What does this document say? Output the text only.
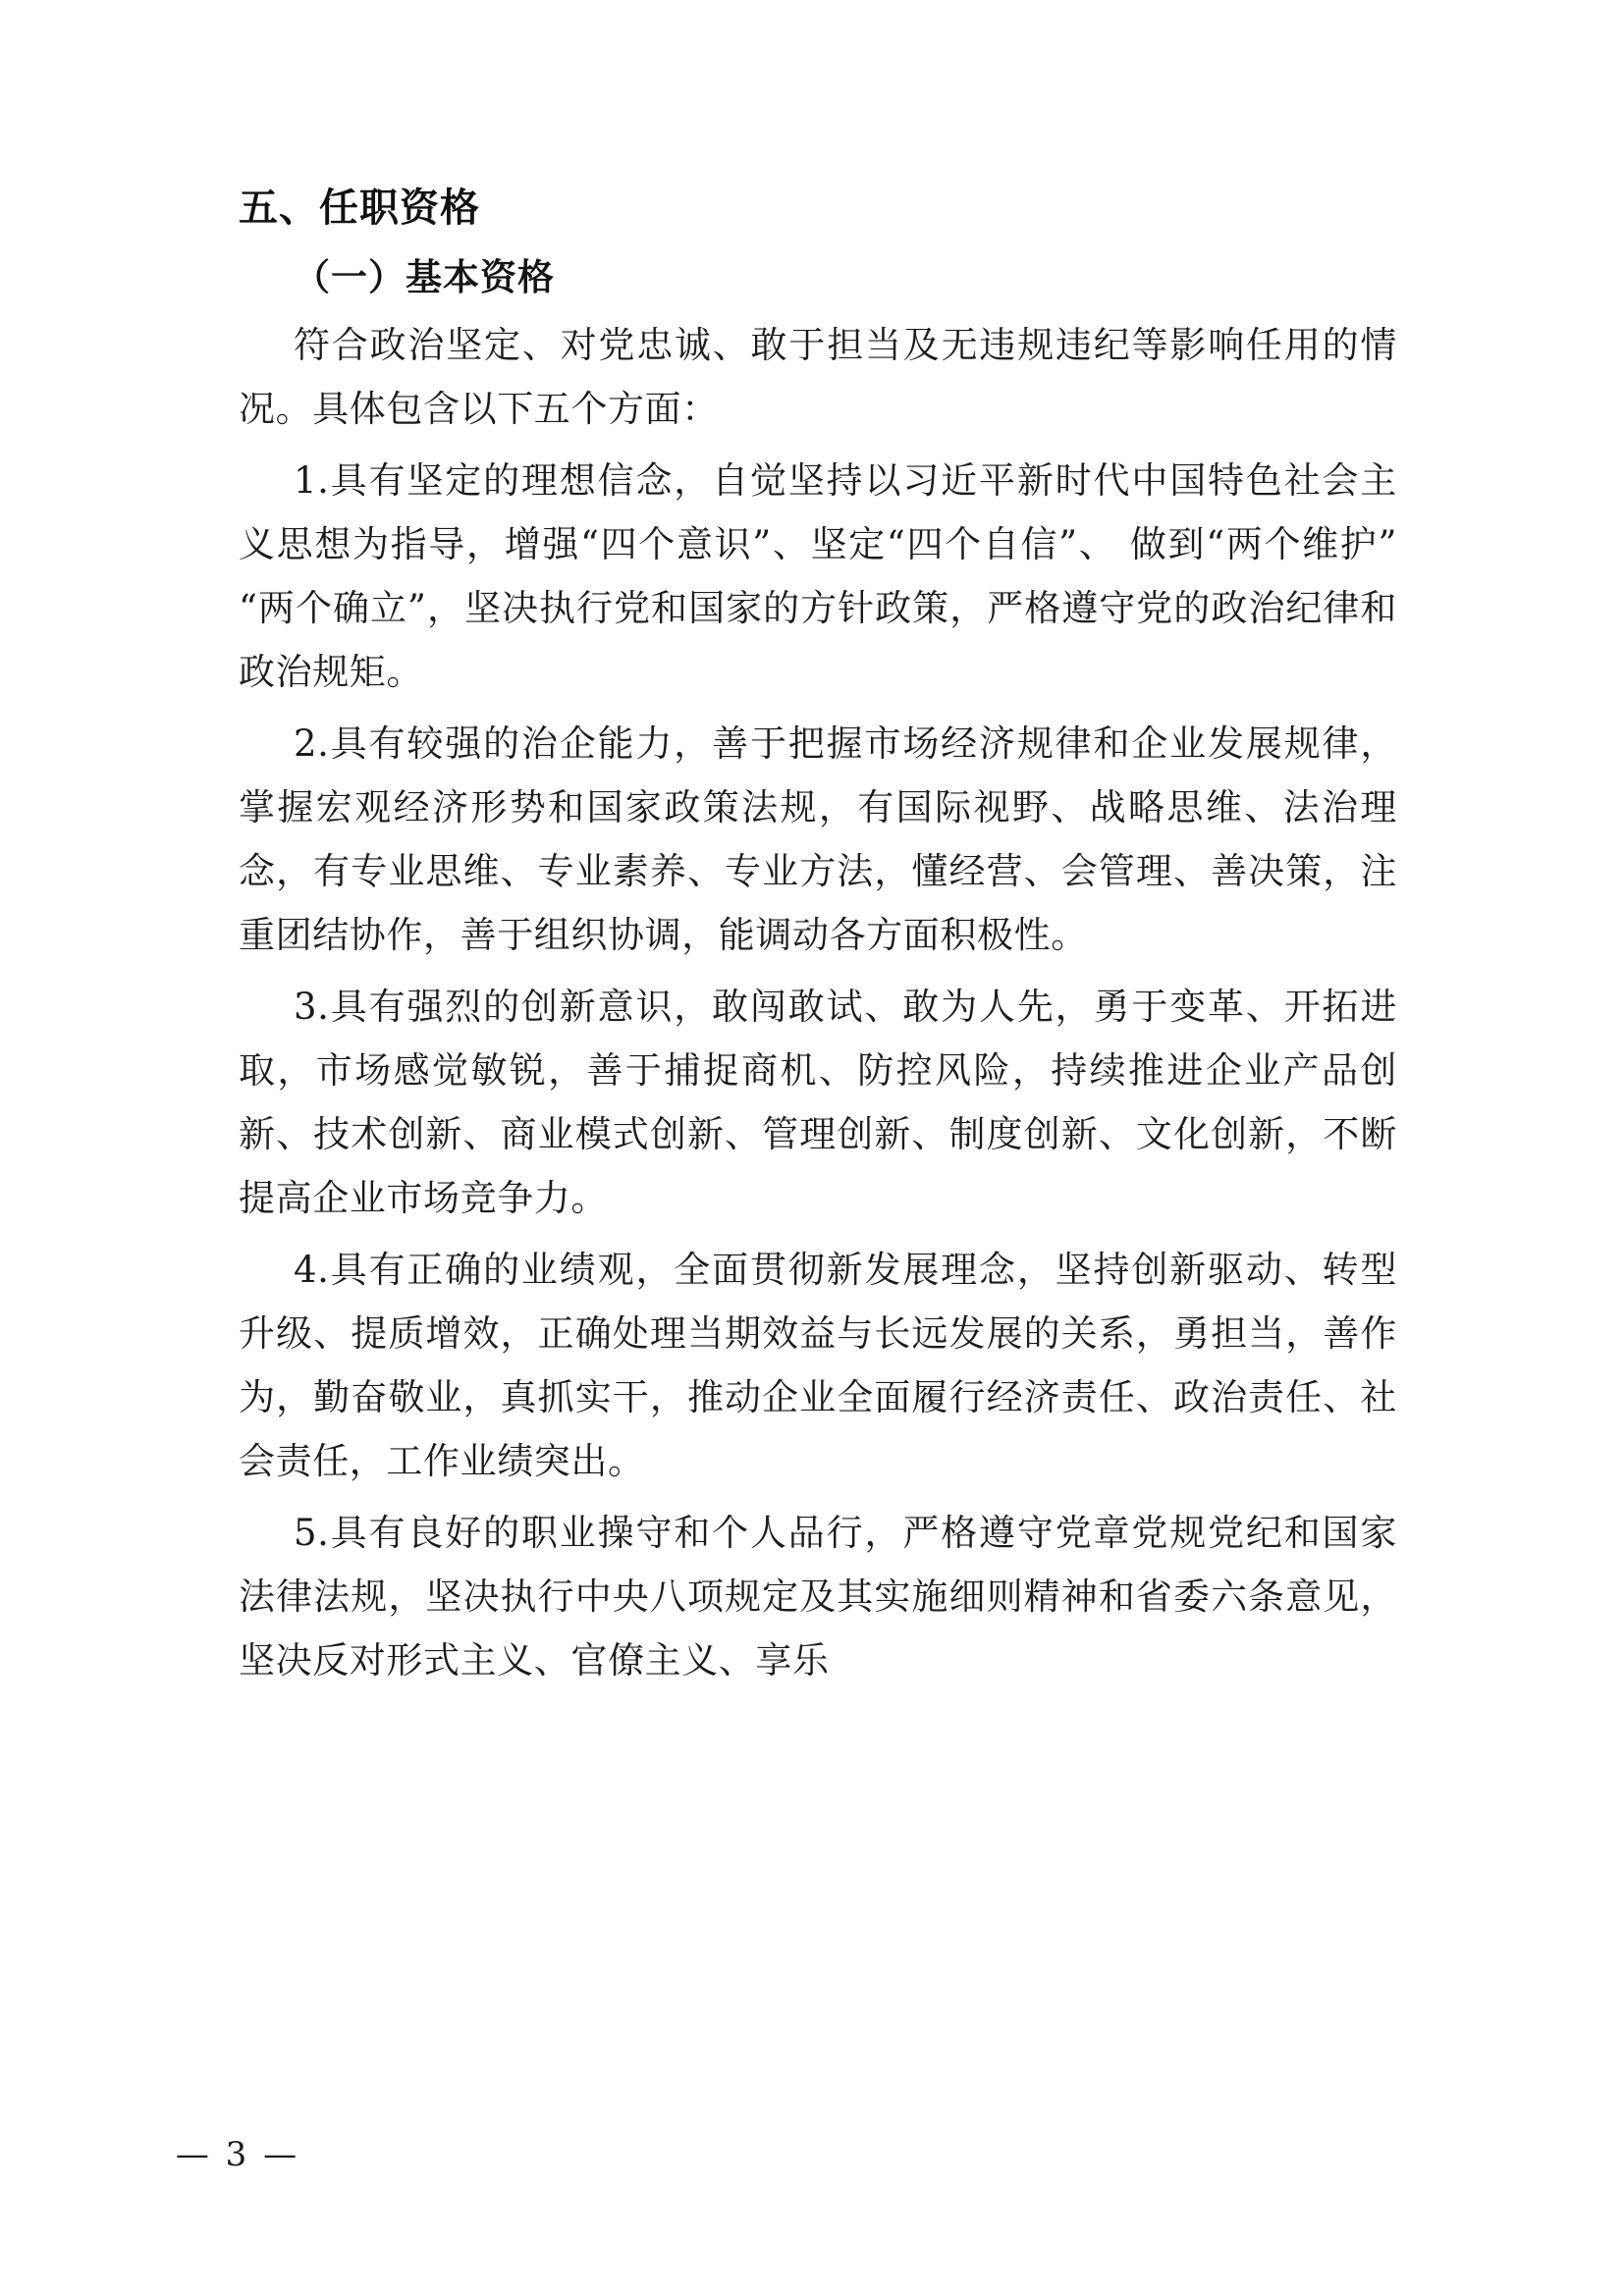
五、任职资格
（一）基本资格

符合政治坚定、对党忠诚、敢于担当及无违规违纪等影响任用的情况。具体包含以下五个方面：

1.具有坚定的理想信念，自觉坚持以习近平新时代中国特色社会主义思想为指导，增强“四个意识”、坚定“四个自信”、 做到“两个维护”“两个确立”，坚决执行党和国家的方针政策，严格遵守党的政治纪律和政治规矩。

2.具有较强的治企能力，善于把握市场经济规律和企业发展规律，掌握宏观经济形势和国家政策法规，有国际视野、战略思维、法治理念，有专业思维、专业素养、专业方法，懂经营、会管理、善决策，注重团结协作，善于组织协调，能调动各方面积极性。

3.具有强烈的创新意识，敢闯敢试、敢为人先，勇于变革、开拓进取，市场感觉敏锐，善于捕捉商机、防控风险，持续推进企业产品创新、技术创新、商业模式创新、管理创新、制度创新、文化创新，不断提高企业市场竞争力。

4.具有正确的业绩观，全面贯彻新发展理念，坚持创新驱动、转型升级、提质增效，正确处理当期效益与长远发展的关系，勇担当，善作为，勤奋敬业，真抓实干，推动企业全面履行经济责任、政治责任、社会责任，工作业绩突出。

5.具有良好的职业操守和个人品行，严格遵守党章党规党纪和国家法律法规，坚决执行中央八项规定及其实施细则精神和省委六条意见，坚决反对形式主义、官僚主义、享乐

— 3 —
